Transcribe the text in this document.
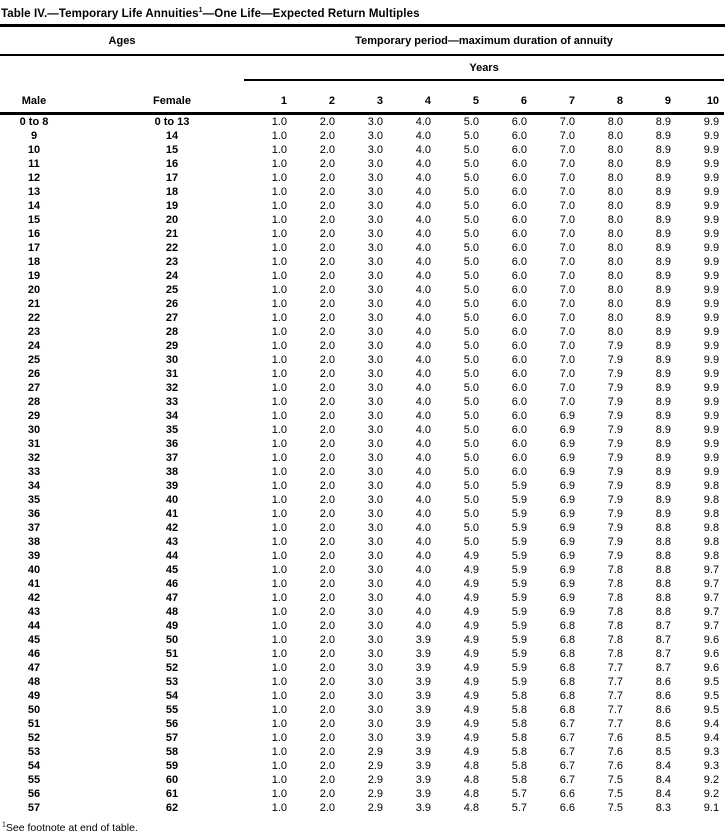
Table IV.—Temporary Life Annuities$^1$—One Life—Expected Return Multiples
Ages		Temporary period—maximum duration of annuity									
		Years									
Male	Female	1	2	3	4	5	6	7	8	9	10
0 to 8	0 to 13	1.0	2.0	3.0	4.0	5.0	6.0	7.0	8.0	8.9	9.9
9	14	1.0	2.0	3.0	4.0	5.0	6.0	7.0	8.0	8.9	9.9
10	15	1.0	2.0	3.0	4.0	5.0	6.0	7.0	8.0	8.9	9.9
11	16	1.0	2.0	3.0	4.0	5.0	6.0	7.0	8.0	8.9	9.9
12	17	1.0	2.0	3.0	4.0	5.0	6.0	7.0	8.0	8.9	9.9
13	18	1.0	2.0	3.0	4.0	5.0	6.0	7.0	8.0	8.9	9.9
14	19	1.0	2.0	3.0	4.0	5.0	6.0	7.0	8.0	8.9	9.9
15	20	1.0	2.0	3.0	4.0	5.0	6.0	7.0	8.0	8.9	9.9
16	21	1.0	2.0	3.0	4.0	5.0	6.0	7.0	8.0	8.9	9.9
17	22	1.0	2.0	3.0	4.0	5.0	6.0	7.0	8.0	8.9	9.9
18	23	1.0	2.0	3.0	4.0	5.0	6.0	7.0	8.0	8.9	9.9
19	24	1.0	2.0	3.0	4.0	5.0	6.0	7.0	8.0	8.9	9.9
20	25	1.0	2.0	3.0	4.0	5.0	6.0	7.0	8.0	8.9	9.9
21	26	1.0	2.0	3.0	4.0	5.0	6.0	7.0	8.0	8.9	9.9
22	27	1.0	2.0	3.0	4.0	5.0	6.0	7.0	8.0	8.9	9.9
23	28	1.0	2.0	3.0	4.0	5.0	6.0	7.0	8.0	8.9	9.9
24	29	1.0	2.0	3.0	4.0	5.0	6.0	7.0	7.9	8.9	9.9
25	30	1.0	2.0	3.0	4.0	5.0	6.0	7.0	7.9	8.9	9.9
26	31	1.0	2.0	3.0	4.0	5.0	6.0	7.0	7.9	8.9	9.9
27	32	1.0	2.0	3.0	4.0	5.0	6.0	7.0	7.9	8.9	9.9
28	33	1.0	2.0	3.0	4.0	5.0	6.0	7.0	7.9	8.9	9.9
29	34	1.0	2.0	3.0	4.0	5.0	6.0	6.9	7.9	8.9	9.9
30	35	1.0	2.0	3.0	4.0	5.0	6.0	6.9	7.9	8.9	9.9
31	36	1.0	2.0	3.0	4.0	5.0	6.0	6.9	7.9	8.9	9.9
32	37	1.0	2.0	3.0	4.0	5.0	6.0	6.9	7.9	8.9	9.9
33	38	1.0	2.0	3.0	4.0	5.0	6.0	6.9	7.9	8.9	9.9
34	39	1.0	2.0	3.0	4.0	5.0	5.9	6.9	7.9	8.9	9.8
35	40	1.0	2.0	3.0	4.0	5.0	5.9	6.9	7.9	8.9	9.8
36	41	1.0	2.0	3.0	4.0	5.0	5.9	6.9	7.9	8.9	9.8
37	42	1.0	2.0	3.0	4.0	5.0	5.9	6.9	7.9	8.8	9.8
38	43	1.0	2.0	3.0	4.0	5.0	5.9	6.9	7.9	8.8	9.8
39	44	1.0	2.0	3.0	4.0	4.9	5.9	6.9	7.9	8.8	9.8
40	45	1.0	2.0	3.0	4.0	4.9	5.9	6.9	7.8	8.8	9.7
41	46	1.0	2.0	3.0	4.0	4.9	5.9	6.9	7.8	8.8	9.7
42	47	1.0	2.0	3.0	4.0	4.9	5.9	6.9	7.8	8.8	9.7
43	48	1.0	2.0	3.0	4.0	4.9	5.9	6.9	7.8	8.8	9.7
44	49	1.0	2.0	3.0	4.0	4.9	5.9	6.8	7.8	8.7	9.7
45	50	1.0	2.0	3.0	3.9	4.9	5.9	6.8	7.8	8.7	9.6
46	51	1.0	2.0	3.0	3.9	4.9	5.9	6.8	7.8	8.7	9.6
47	52	1.0	2.0	3.0	3.9	4.9	5.9	6.8	7.7	8.7	9.6
48	53	1.0	2.0	3.0	3.9	4.9	5.9	6.8	7.7	8.6	9.5
49	54	1.0	2.0	3.0	3.9	4.9	5.8	6.8	7.7	8.6	9.5
50	55	1.0	2.0	3.0	3.9	4.9	5.8	6.8	7.7	8.6	9.5
51	56	1.0	2.0	3.0	3.9	4.9	5.8	6.7	7.7	8.6	9.4
52	57	1.0	2.0	3.0	3.9	4.9	5.8	6.7	7.6	8.5	9.4
53	58	1.0	2.0	2.9	3.9	4.9	5.8	6.7	7.6	8.5	9.3
54	59	1.0	2.0	2.9	3.9	4.8	5.8	6.7	7.6	8.4	9.3
55	60	1.0	2.0	2.9	3.9	4.8	5.8	6.7	7.5	8.4	9.2
56	61	1.0	2.0	2.9	3.9	4.8	5.7	6.6	7.5	8.4	9.2
57	62	1.0	2.0	2.9	3.9	4.8	5.7	6.6	7.5	8.3	9.1
$^1$See footnote at end of table.
